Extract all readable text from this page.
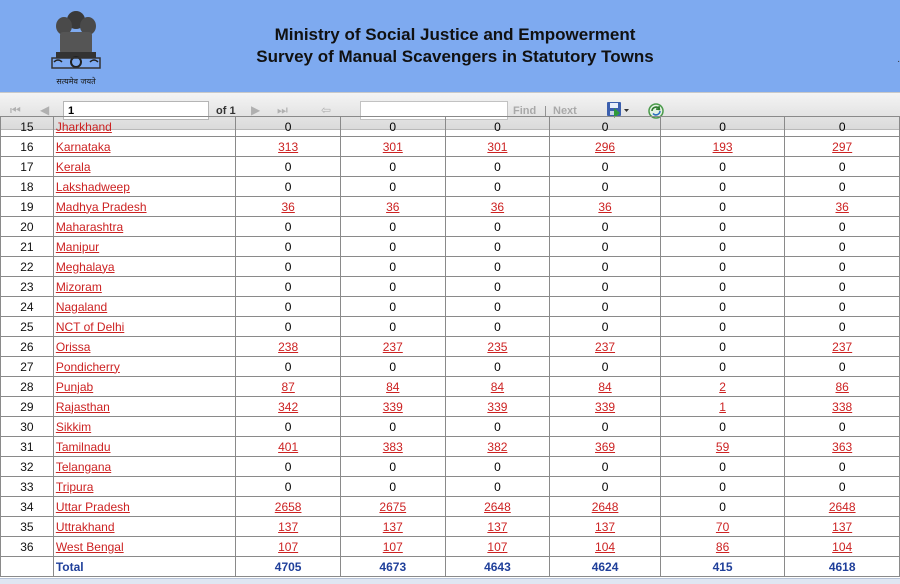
सत्यमेव जयते
Ministry of Social Justice and Empowerment
Survey of Manual Scavengers in Statutory Towns	.
⏮ ◀
1	of 1 ▶ ⏭	⇦	Find | Next
15	Jharkhand	0	0	0	0	0	0
16	Karnataka	313	301	301	296	193	297
17	Kerala	0	0	0	0	0	0
18	Lakshadweep	0	0	0	0	0	0
19	Madhya Pradesh	36	36	36	36	0	36
20	Maharashtra	0	0	0	0	0	0
21	Manipur	0	0	0	0	0	0
22	Meghalaya	0	0	0	0	0	0
23	Mizoram	0	0	0	0	0	0
24	Nagaland	0	0	0	0	0	0
25	NCT of Delhi	0	0	0	0	0	0
26	Orissa	238	237	235	237	0	237
27	Pondicherry	0	0	0	0	0	0
28	Punjab	87	84	84	84	2	86
29	Rajasthan	342	339	339	339	1	338
30	Sikkim	0	0	0	0	0	0
31	Tamilnadu	401	383	382	369	59	363
32	Telangana	0	0	0	0	0	0
33	Tripura	0	0	0	0	0	0
34	Uttar Pradesh	2658	2675	2648	2648	0	2648
35	Uttrakhand	137	137	137	137	70	137
36	West Bengal	107	107	107	104	86	104
	Total	4705	4673	4643	4624	415	4618
